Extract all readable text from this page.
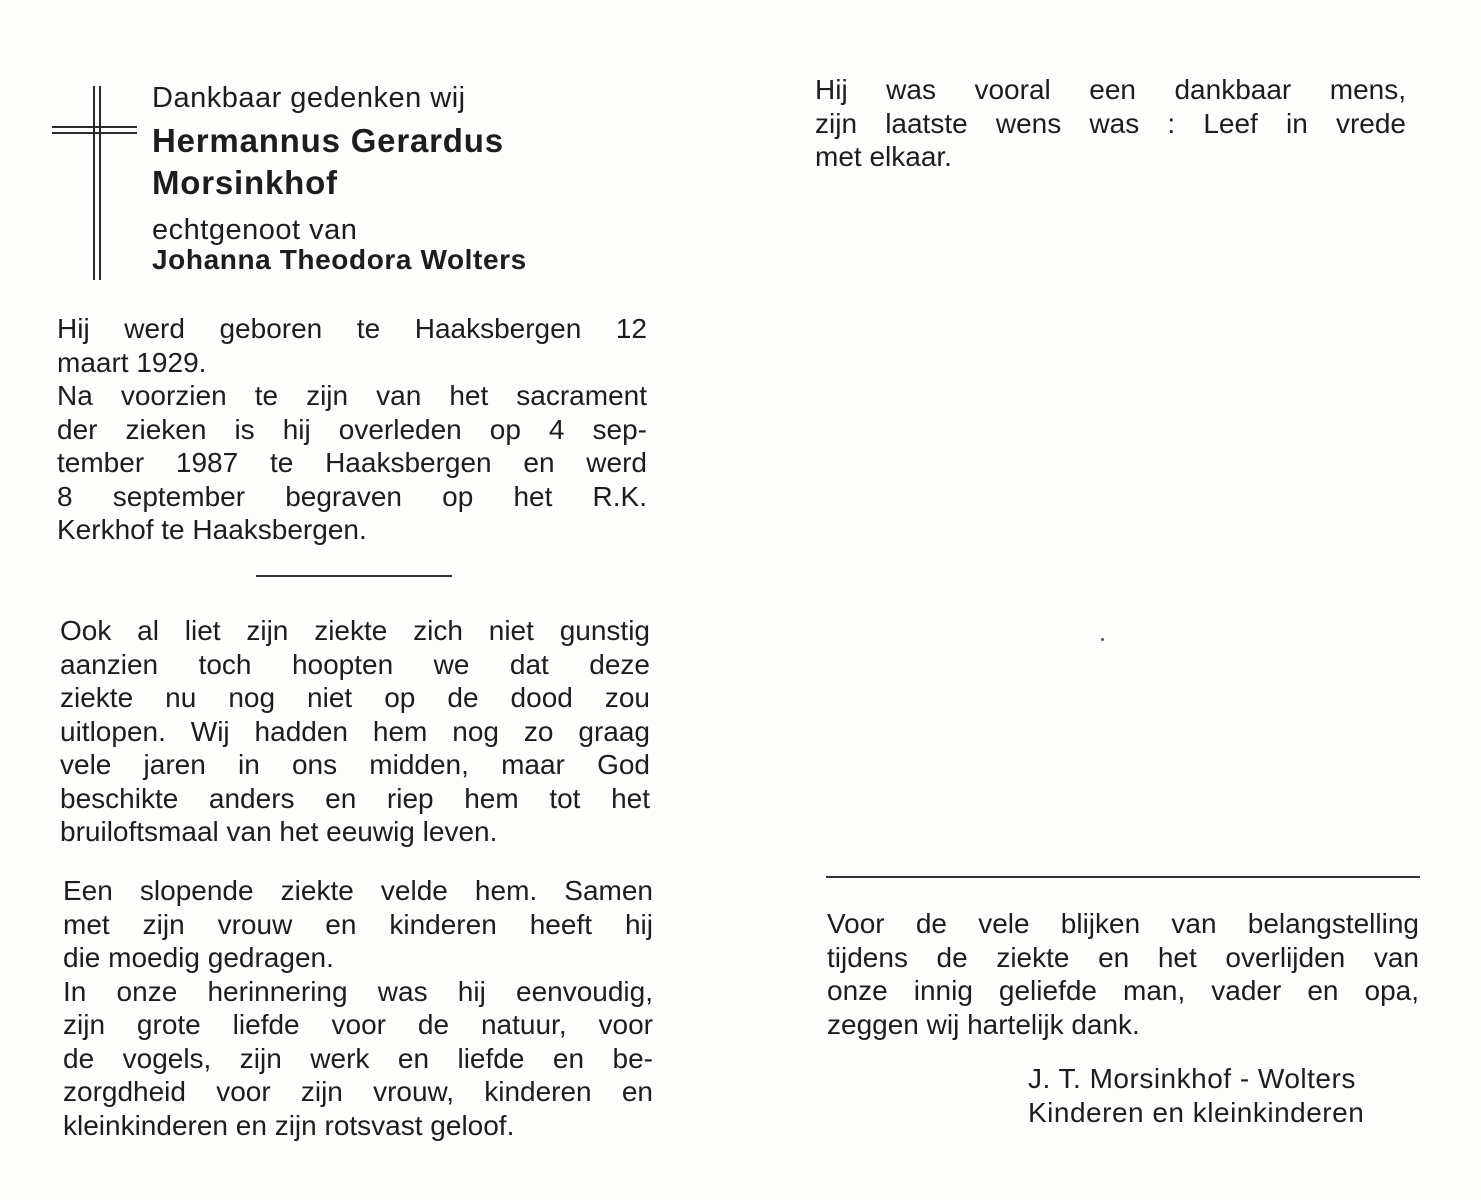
Dankbaar gedenken wij
Hermannus Gerardus
Morsinkhof
echtgenoot van
Johanna Theodora Wolters
Hij werd geboren te Haaksbergen 12
maart 1929.
Na voorzien te zijn van het sacrament
der zieken is hij overleden op 4 sep-
tember 1987 te Haaksbergen en werd
8 september begraven op het R.K.
Kerkhof te Haaksbergen.
Ook al liet zijn ziekte zich niet gunstig
aanzien toch hoopten we dat deze
ziekte nu nog niet op de dood zou
uitlopen. Wij hadden hem nog zo graag
vele jaren in ons midden, maar God
beschikte anders en riep hem tot het
bruiloftsmaal van het eeuwig leven.
Een slopende ziekte velde hem. Samen
met zijn vrouw en kinderen heeft hij
die moedig gedragen.
In onze herinnering was hij eenvoudig,
zijn grote liefde voor de natuur, voor
de vogels, zijn werk en liefde en be-
zorgdheid voor zijn vrouw, kinderen en
kleinkinderen en zijn rotsvast geloof.
Hij was vooral een dankbaar mens,
zijn laatste wens was : Leef in vrede
met elkaar.
Voor de vele blijken van belangstelling
tijdens de ziekte en het overlijden van
onze innig geliefde man, vader en opa,
zeggen wij hartelijk dank.
J. T. Morsinkhof - Wolters
Kinderen en kleinkinderen
